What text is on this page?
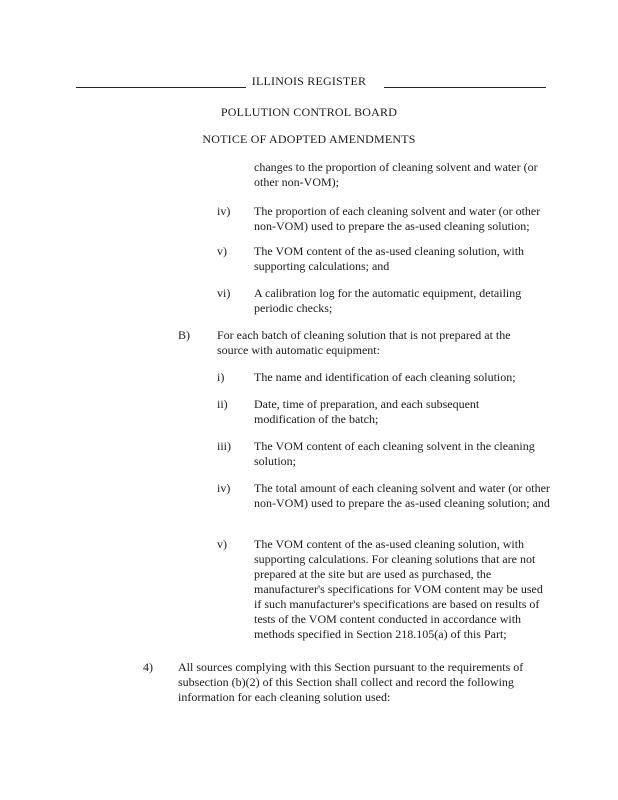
ILLINOIS REGISTER
POLLUTION CONTROL BOARD
NOTICE OF ADOPTED AMENDMENTS
changes to the proportion of cleaning solvent and water (or other non-VOM);
iv) The proportion of each cleaning solvent and water (or other non-VOM) used to prepare the as-used cleaning solution;
v) The VOM content of the as-used cleaning solution, with supporting calculations; and
vi) A calibration log for the automatic equipment, detailing periodic checks;
B) For each batch of cleaning solution that is not prepared at the source with automatic equipment:
i) The name and identification of each cleaning solution;
ii) Date, time of preparation, and each subsequent modification of the batch;
iii) The VOM content of each cleaning solvent in the cleaning solution;
iv) The total amount of each cleaning solvent and water (or other non-VOM) used to prepare the as-used cleaning solution; and
v) The VOM content of the as-used cleaning solution, with supporting calculations. For cleaning solutions that are not prepared at the site but are used as purchased, the manufacturer's specifications for VOM content may be used if such manufacturer's specifications are based on results of tests of the VOM content conducted in accordance with methods specified in Section 218.105(a) of this Part;
4) All sources complying with this Section pursuant to the requirements of subsection (b)(2) of this Section shall collect and record the following information for each cleaning solution used:
